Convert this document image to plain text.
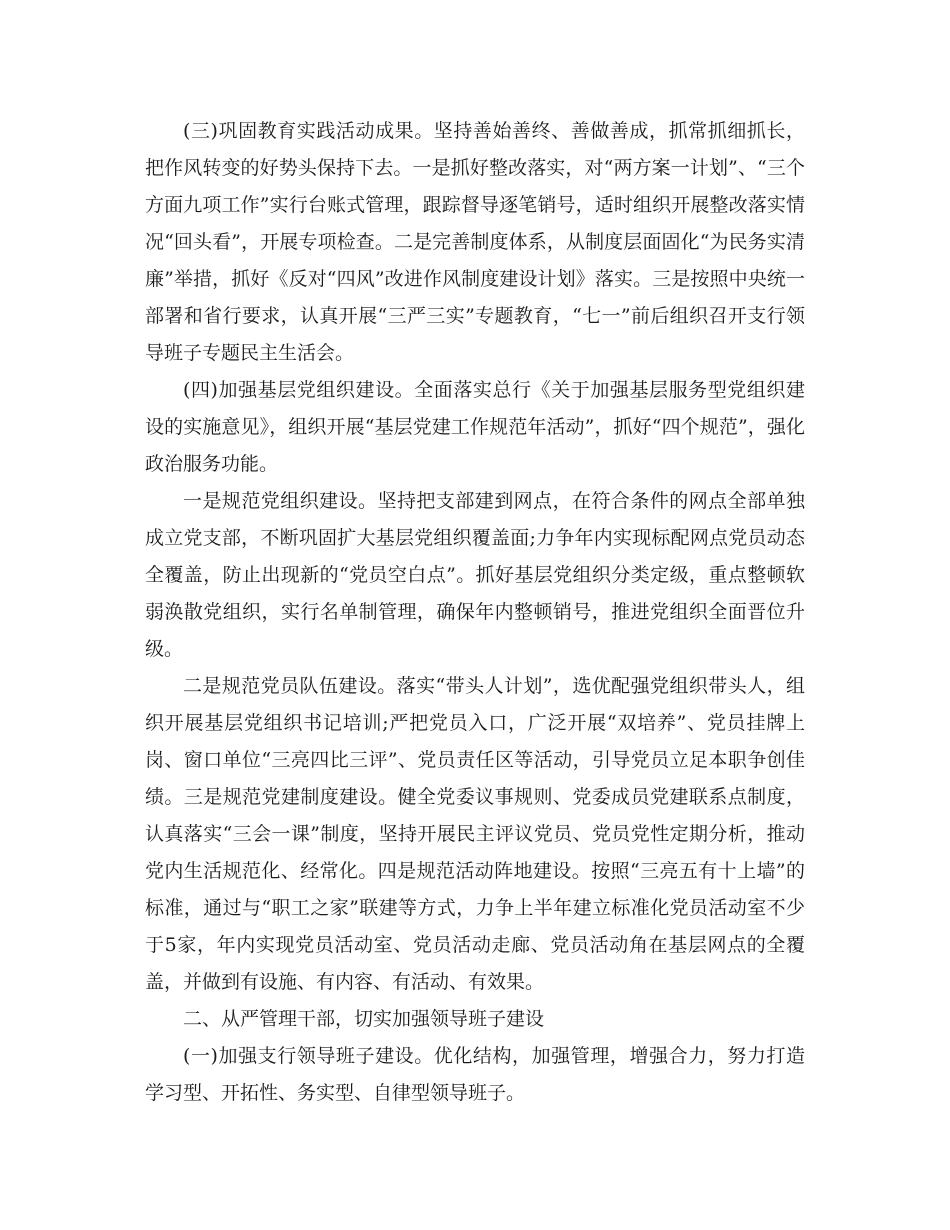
(三)巩固教育实践活动成果。坚持善始善终、善做善成，抓常抓细抓长，把作风转变的好势头保持下去。一是抓好整改落实，对“两方案一计划”、“三个方面九项工作”实行台账式管理，跟踪督导逐笔销号，适时组织开展整改落实情况“回头看”，开展专项检查。二是完善制度体系，从制度层面固化“为民务实清廉”举措，抓好《反对“四风”改进作风制度建设计划》落实。三是按照中央统一部署和省行要求，认真开展“三严三实”专题教育，“七一”前后组织召开支行领导班子专题民主生活会。

(四)加强基层党组织建设。全面落实总行《关于加强基层服务型党组织建设的实施意见》，组织开展“基层党建工作规范年活动”，抓好“四个规范”，强化政治服务功能。

一是规范党组织建设。坚持把支部建到网点，在符合条件的网点全部单独成立党支部，不断巩固扩大基层党组织覆盖面;力争年内实现标配网点党员动态全覆盖，防止出现新的“党员空白点”。抓好基层党组织分类定级，重点整顿软弱涣散党组织，实行名单制管理，确保年内整顿销号，推进党组织全面晋位升级。

二是规范党员队伍建设。落实“带头人计划”，选优配强党组织带头人，组织开展基层党组织书记培训;严把党员入口，广泛开展“双培养”、党员挂牌上岗、窗口单位“三亮四比三评”、党员责任区等活动，引导党员立足本职争创佳绩。三是规范党建制度建设。健全党委议事规则、党委成员党建联系点制度，认真落实“三会一课”制度，坚持开展民主评议党员、党员党性定期分析，推动党内生活规范化、经常化。四是规范活动阵地建设。按照“三亮五有十上墙”的标准，通过与“职工之家”联建等方式，力争上半年建立标准化党员活动室不少于5家，年内实现党员活动室、党员活动走廊、党员活动角在基层网点的全覆盖，并做到有设施、有内容、有活动、有效果。

二、从严管理干部，切实加强领导班子建设

(一)加强支行领导班子建设。优化结构，加强管理，增强合力，努力打造学习型、开拓性、务实型、自律型领导班子。
